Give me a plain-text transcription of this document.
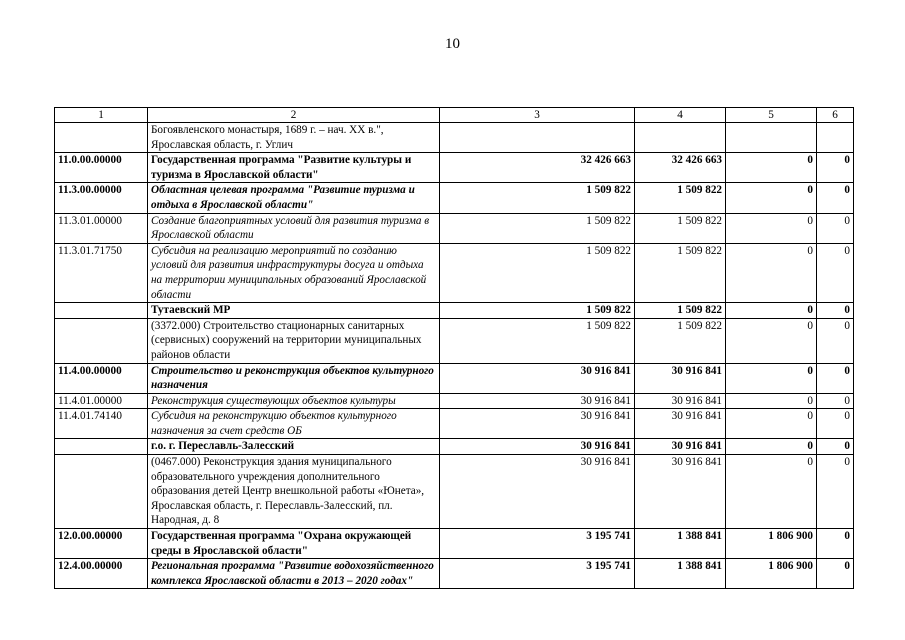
10
1	2	3	4	5	6
	Богоявленского монастыря, 1689 г. – нач. XX в.", Ярославская область, г. Углич				
11.0.00.00000	Государственная программа "Развитие культуры и туризма в Ярославской области"	32 426 663	32 426 663	0	0
11.3.00.00000	Областная целевая программа "Развитие туризма и отдыха в Ярославской области"	1 509 822	1 509 822	0	0
11.3.01.00000	Создание благоприятных условий для развития туризма в Ярославской области	1 509 822	1 509 822	0	0
11.3.01.71750	Субсидия на реализацию мероприятий по созданию условий для развития инфраструктуры досуга и отдыха на территории муниципальных образований Ярославской области	1 509 822	1 509 822	0	0
	Тутаевский МР	1 509 822	1 509 822	0	0
	(3372.000) Строительство стационарных санитарных (сервисных) сооружений на территории муниципальных районов области	1 509 822	1 509 822	0	0
11.4.00.00000	Строительство и реконструкция объектов культурного назначения	30 916 841	30 916 841	0	0
11.4.01.00000	Реконструкция существующих объектов культуры	30 916 841	30 916 841	0	0
11.4.01.74140	Субсидия на реконструкцию объектов культурного назначения за счет средств ОБ	30 916 841	30 916 841	0	0
	г.о. г. Переславль-Залесский	30 916 841	30 916 841	0	0
	(0467.000) Реконструкция здания муниципального образовательного учреждения дополнительного образования детей Центр внешкольной работы «Юнета», Ярославская область, г. Переславль-Залесский, пл. Народная, д. 8	30 916 841	30 916 841	0	0
12.0.00.00000	Государственная программа "Охрана окружающей среды в Ярославской области"	3 195 741	1 388 841	1 806 900	0
12.4.00.00000	Региональная программа "Развитие водохозяйственного комплекса Ярославской области в 2013 – 2020 годах"	3 195 741	1 388 841	1 806 900	0
